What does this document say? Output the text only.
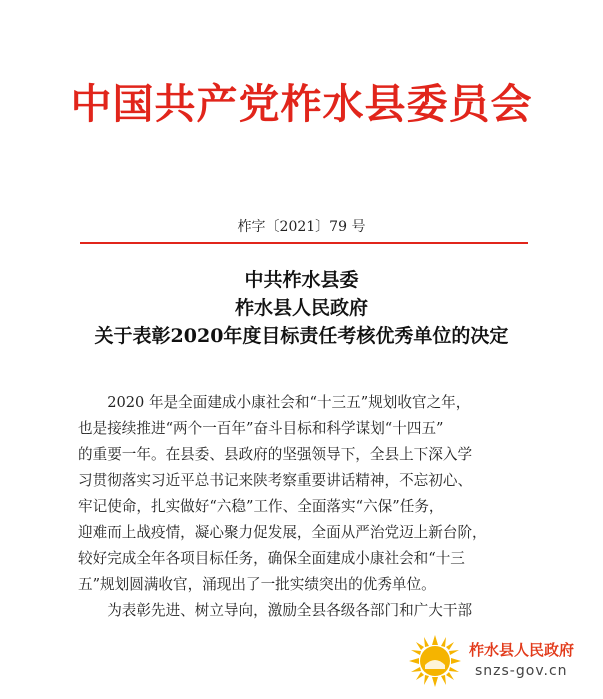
中国共产党柞水县委员会
柞字〔2021〕79 号
中共柞水县委
柞水县人民政府
关于表彰2020年度目标责任考核优秀单位的决定
　　2020 年是全面建成小康社会和“十三五”规划收官之年，
也是接续推进“两个一百年”奋斗目标和科学谋划“十四五”
的重要一年。在县委、县政府的坚强领导下，全县上下深入学
习贯彻落实习近平总书记来陕考察重要讲话精神，不忘初心、
牢记使命，扎实做好“六稳”工作、全面落实“六保”任务，
迎难而上战疫情，凝心聚力促发展，全面从严治党迈上新台阶，
较好完成全年各项目标任务，确保全面建成小康社会和“十三
五”规划圆满收官，涌现出了一批实绩突出的优秀单位。
　　为表彰先进、树立导向，激励全县各级各部门和广大干部
柞水县人民政府
snzs-gov.cn
